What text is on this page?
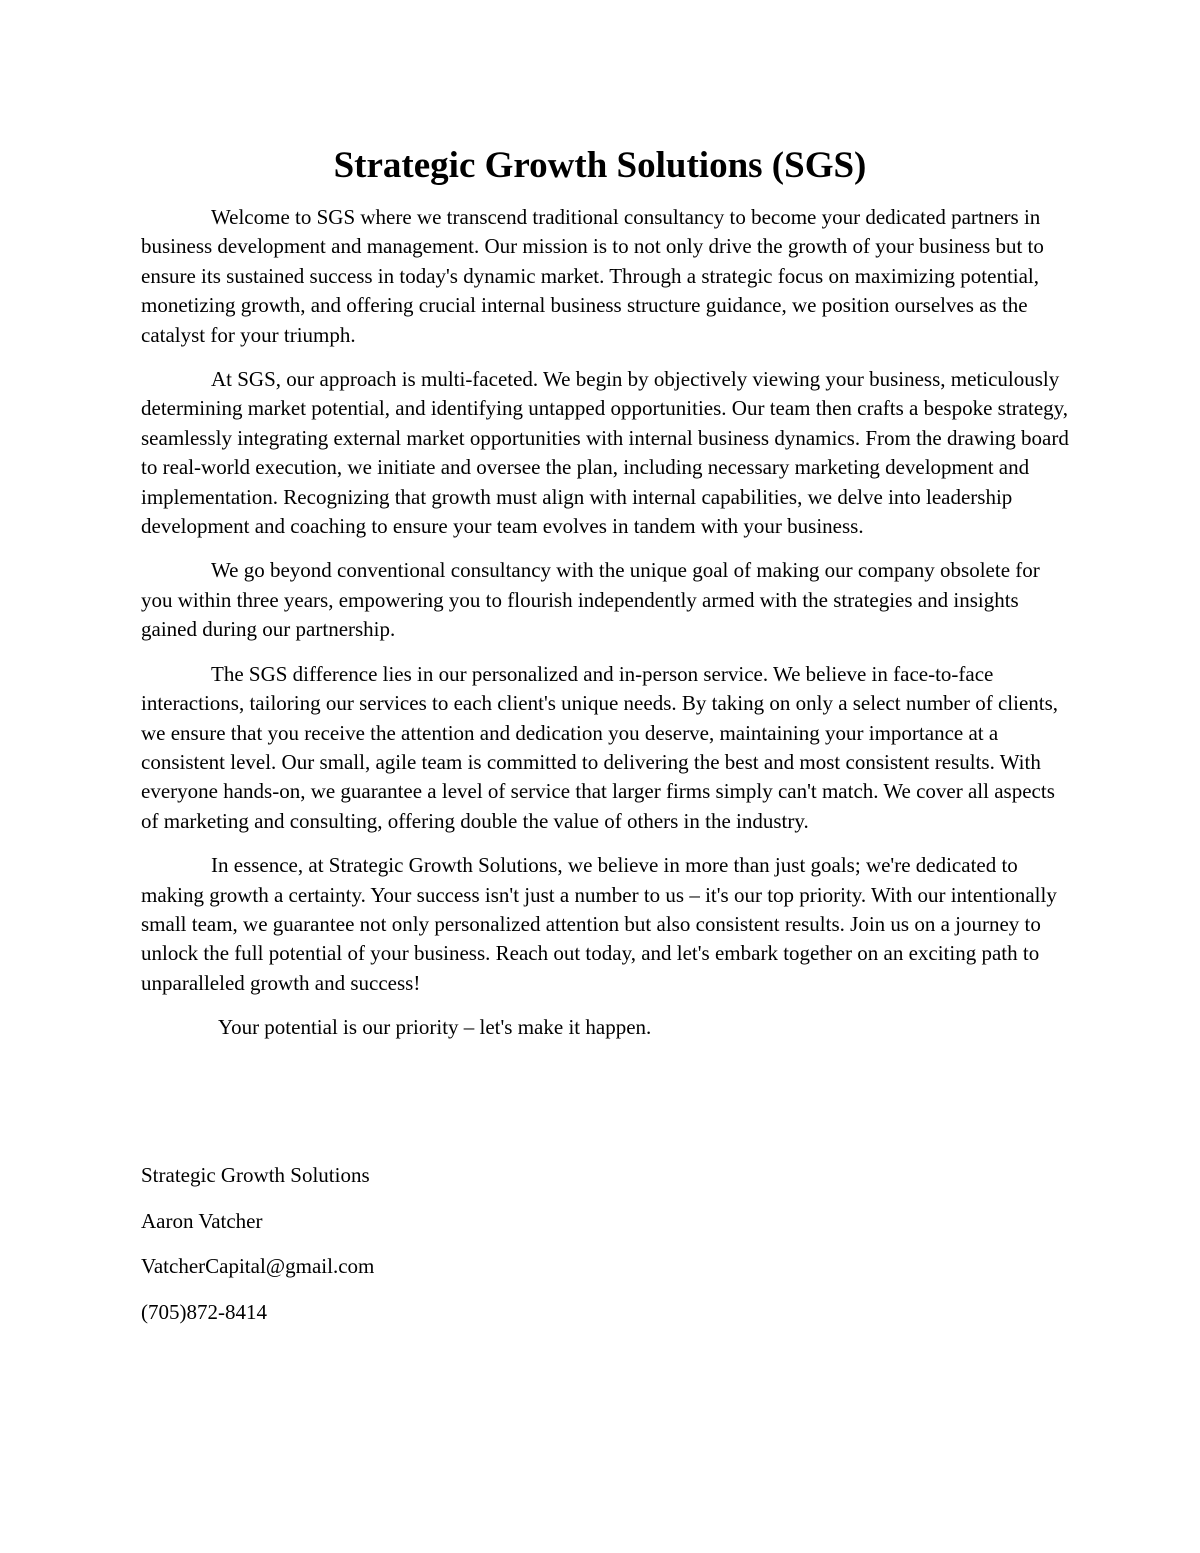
Strategic Growth Solutions (SGS)

Welcome to SGS where we transcend traditional consultancy to become your dedicated partners in business development and management. Our mission is to not only drive the growth of your business but to ensure its sustained success in today's dynamic market. Through a strategic focus on maximizing potential, monetizing growth, and offering crucial internal business structure guidance, we position ourselves as the catalyst for your triumph.

At SGS, our approach is multi-faceted. We begin by objectively viewing your business, meticulously determining market potential, and identifying untapped opportunities. Our team then crafts a bespoke strategy, seamlessly integrating external market opportunities with internal business dynamics. From the drawing board to real-world execution, we initiate and oversee the plan, including necessary marketing development and implementation. Recognizing that growth must align with internal capabilities, we delve into leadership development and coaching to ensure your team evolves in tandem with your business.

We go beyond conventional consultancy with the unique goal of making our company obsolete for you within three years, empowering you to flourish independently armed with the strategies and insights gained during our partnership.

The SGS difference lies in our personalized and in-person service. We believe in face-to-face interactions, tailoring our services to each client's unique needs. By taking on only a select number of clients, we ensure that you receive the attention and dedication you deserve, maintaining your importance at a consistent level. Our small, agile team is committed to delivering the best and most consistent results. With everyone hands-on, we guarantee a level of service that larger firms simply can't match. We cover all aspects of marketing and consulting, offering double the value of others in the industry.

In essence, at Strategic Growth Solutions, we believe in more than just goals; we're dedicated to making growth a certainty. Your success isn't just a number to us – it's our top priority. With our intentionally small team, we guarantee not only personalized attention but also consistent results. Join us on a journey to unlock the full potential of your business. Reach out today, and let's embark together on an exciting path to unparalleled growth and success!

Your potential is our priority – let's make it happen.

Strategic Growth Solutions

Aaron Vatcher

VatcherCapital@gmail.com

(705)872-8414
